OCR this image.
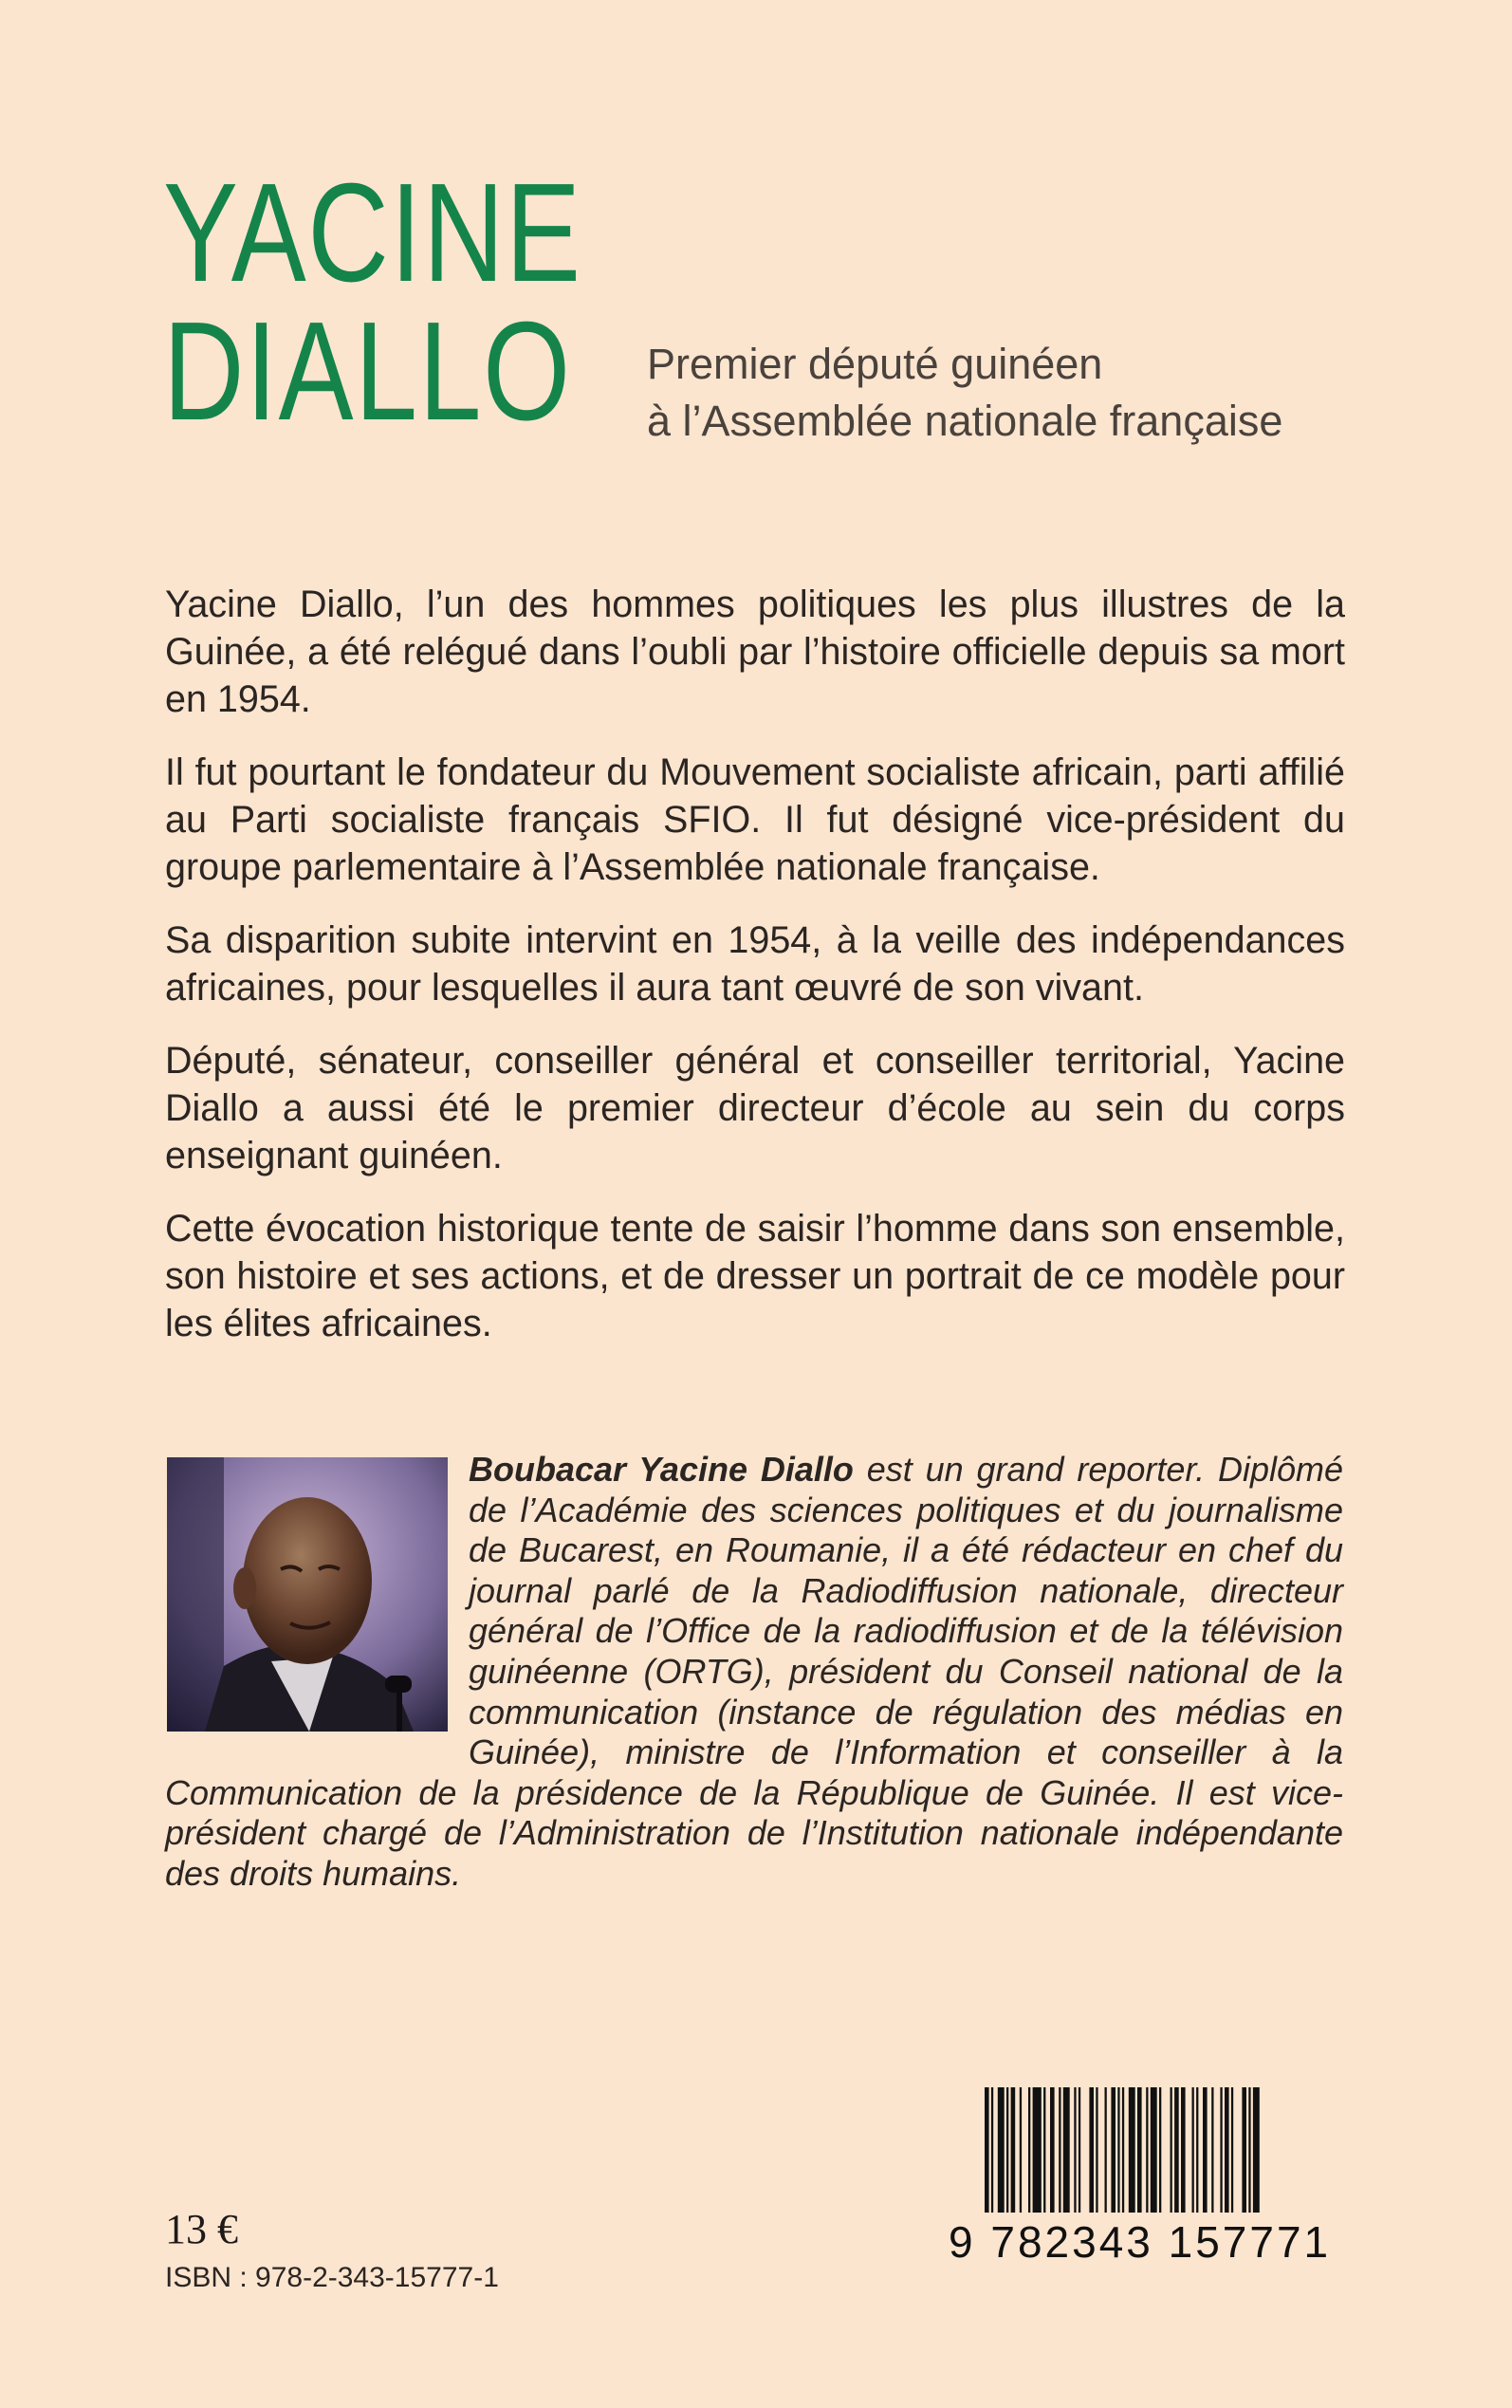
YACINE
DIALLO Premier député guinéen
à l’Assemblée nationale française

Yacine Diallo, l’un des hommes politiques les plus illustres de la Guinée, a été relégué dans l’oubli par l’histoire officielle depuis sa mort en 1954.

Il fut pourtant le fondateur du Mouvement socialiste africain, parti affilié au Parti socialiste français SFIO. Il fut désigné vice-président du groupe parlementaire à l’Assemblée nationale française.

Sa disparition subite intervint en 1954, à la veille des indépendances africaines, pour lesquelles il aura tant œuvré de son vivant.

Député, sénateur, conseiller général et conseiller territorial, Yacine Diallo a aussi été le premier directeur d’école au sein du corps enseignant guinéen.

Cette évocation historique tente de saisir l’homme dans son ensemble, son histoire et ses actions, et de dresser un portrait de ce modèle pour les élites africaines.

Boubacar Yacine Diallo est un grand reporter. Diplômé de l’Académie des sciences politiques et du journalisme de Bucarest, en Roumanie, il a été rédacteur en chef du journal parlé de la Radiodiffusion nationale, directeur général de l’Office de la radiodiffusion et de la télévision guinéenne (ORTG), président du Conseil national de la communication (instance de régulation des médias en Guinée), ministre de l’Information et conseiller à la Communication de la présidence de la République de Guinée. Il est vice-président chargé de l’Administration de l’Institution nationale indépendante des droits humains.
13 €
ISBN : 978-2-343-15777-1
9 782343 157771
